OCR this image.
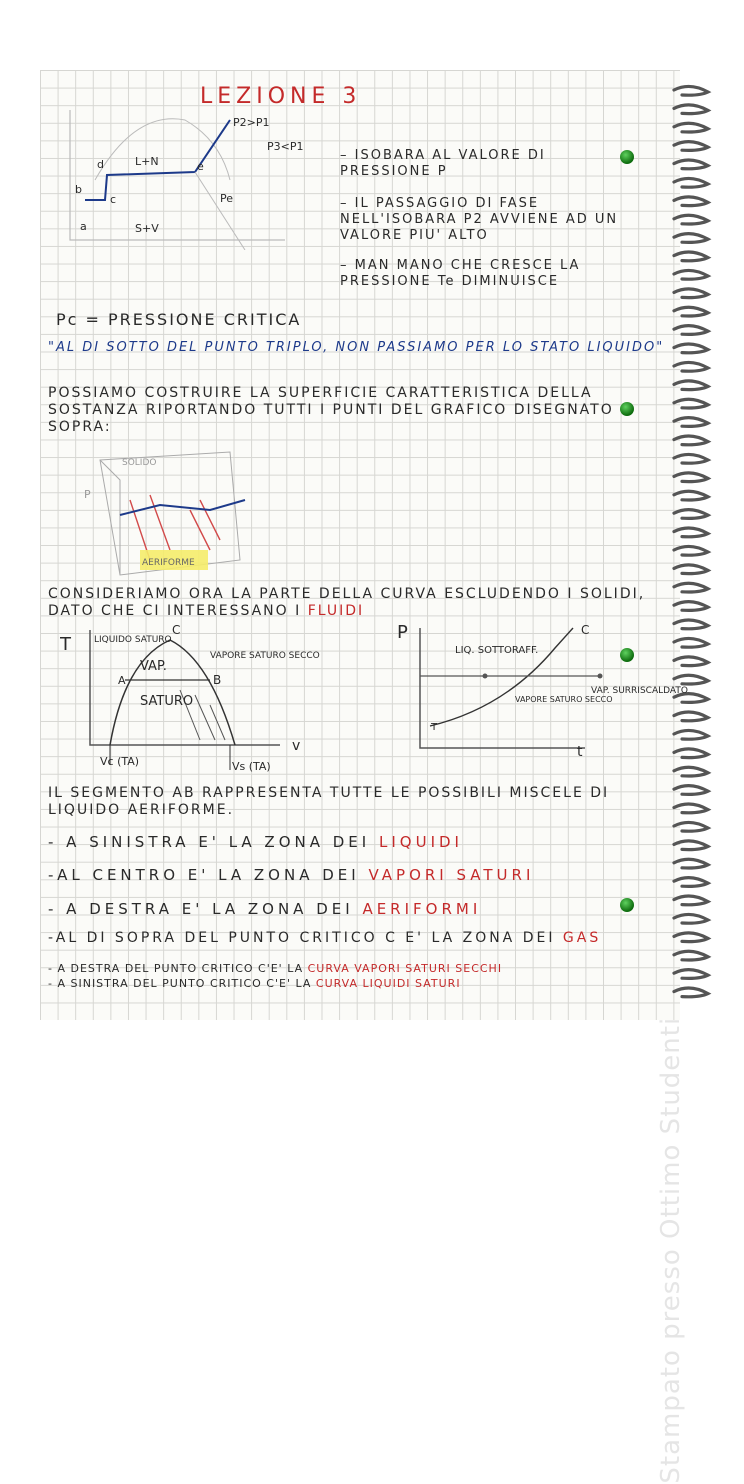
LEZIONE 3
P2>P1
P3<P1
d	L+N	e
b
c
a	S+V
Pe
– ISOBARA AL VALORE DI PRESSIONE P
– IL PASSAGGIO DI FASE NELL'ISOBARA P2 AVVIENE AD UN VALORE PIU' ALTO
– MAN MANO CHE CRESCE LA PRESSIONE Te DIMINUISCE
Pc = PRESSIONE CRITICA
"AL DI SOTTO DEL PUNTO TRIPLO, NON PASSIAMO PER LO STATO LIQUIDO"
POSSIAMO COSTRUIRE LA SUPERFICIE CARATTERISTICA DELLA SOSTANZA RIPORTANDO TUTTI I PUNTI DEL GRAFICO DISEGNATO SOPRA:
SOLIDO
AERIFORME
P
CONSIDERIAMO ORA LA PARTE DELLA CURVA ESCLUDENDO I SOLIDI, DATO CHE CI INTERESSANO I FLUIDI
T
C
LIQUIDO SATURO
A
VAP.
VAPORE SATURO SECCO
B
SATURO
Vc (TA)	Vs (TA)
v
P	C
LIQ. SOTTORAFF.
VAPORE SATURO SECCO
VAP. SURRISCALDATO
T
t
IL SEGMENTO AB RAPPRESENTA TUTTE LE POSSIBILI MISCELE DI LIQUIDO AERIFORME.
- A SINISTRA E' LA ZONA DEI LIQUIDI
-AL CENTRO E' LA ZONA DEI VAPORI SATURI
- A DESTRA E' LA ZONA DEI AERIFORMI
-AL DI SOPRA DEL PUNTO CRITICO C E' LA ZONA DEI GAS
- A DESTRA DEL PUNTO CRITICO C'E' LA CURVA VAPORI SATURI SECCHI
- A SINISTRA DEL PUNTO CRITICO C'E' LA CURVA LIQUIDI SATURI
Stampato presso Ottimo Studenti
